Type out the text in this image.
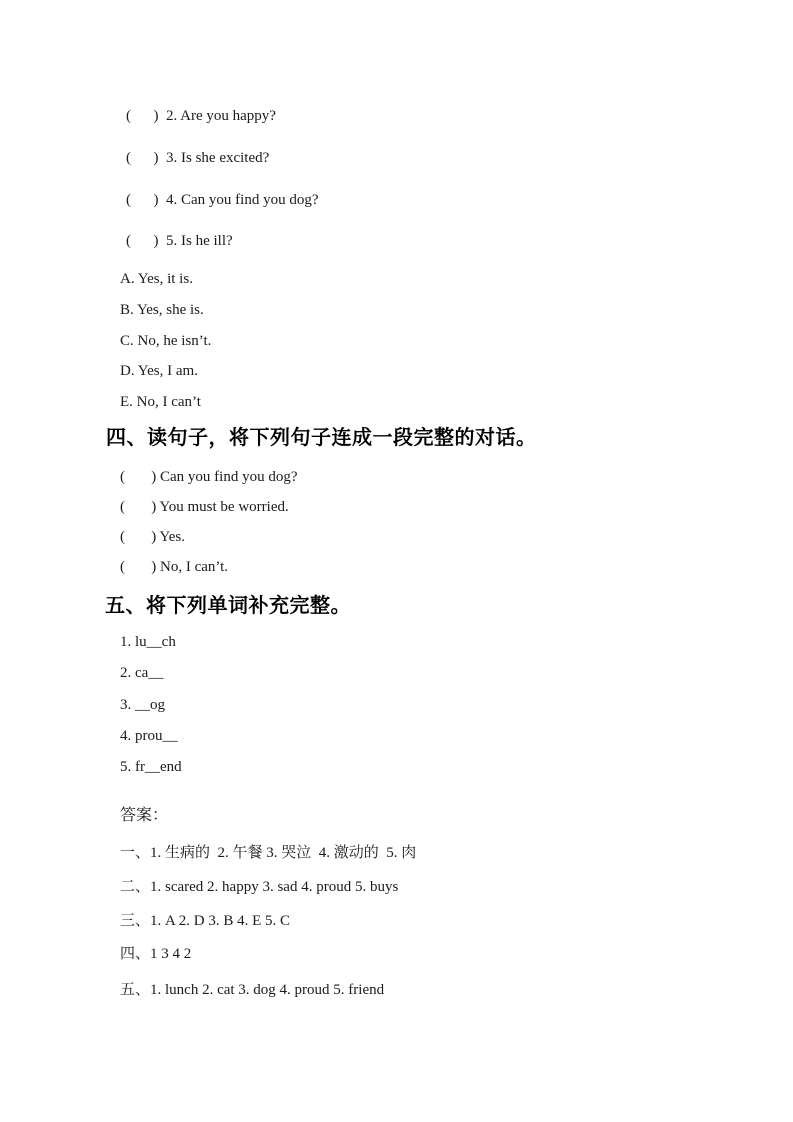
(      )  2. Are you happy?
(      )  3. Is she excited?
(      )  4. Can you find you dog?
(      )  5. Is he ill?
A. Yes, it is.
B. Yes, she is.
C. No, he isn’t.
D. Yes, I am.
E. No, I can’t
四、读句子，将下列句子连成一段完整的对话。
(       ) Can you find you dog?
(       ) You must be worried.
(       ) Yes.
(       ) No, I can’t.
五、将下列单词补充完整。
1. lu__ch
2. ca__
3. __og
4. prou__
5. fr__end
答案：
一、1. 生病的  2. 午餐 3. 哭泣  4. 激动的  5. 肉
二、1. scared 2. happy 3. sad 4. proud 5. buys
三、1. A 2. D 3. B 4. E 5. C
四、1 3 4 2
五、1. lunch 2. cat 3. dog 4. proud 5. friend
